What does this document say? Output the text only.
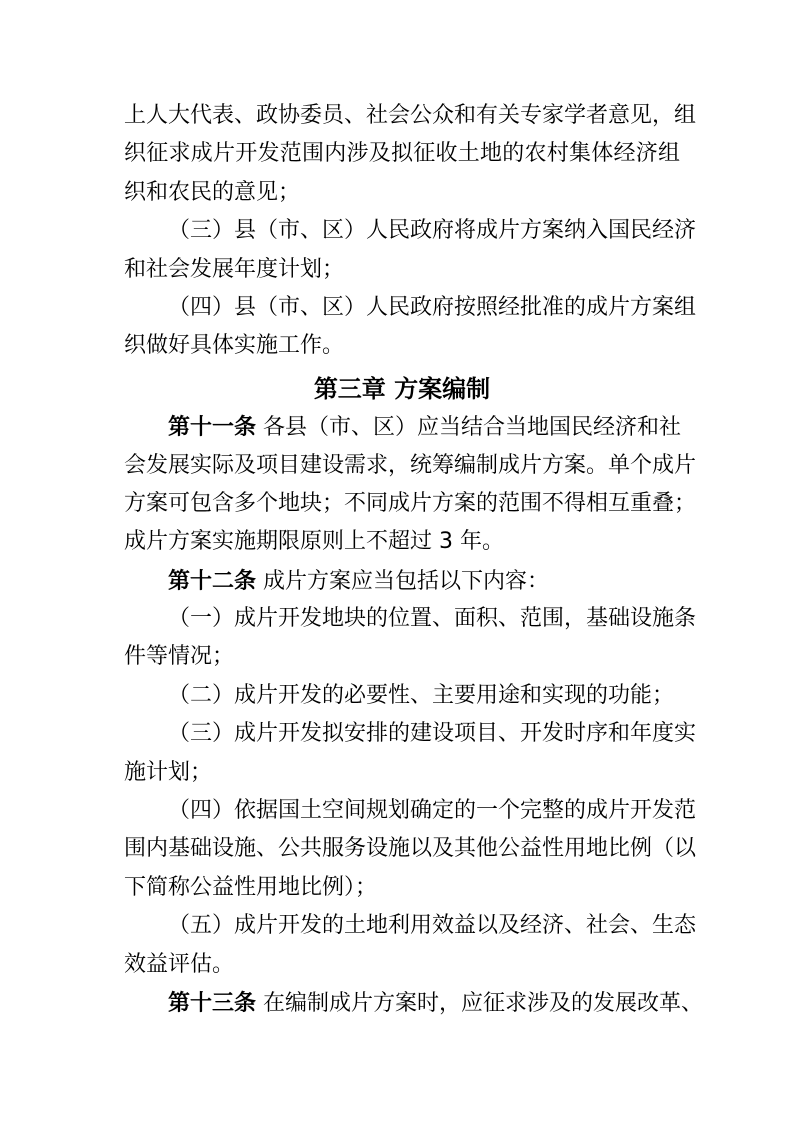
上人大代表、政协委员、社会公众和有关专家学者意见，组
织征求成片开发范围内涉及拟征收土地的农村集体经济组
织和农民的意见；
（三）县（市、区）人民政府将成片方案纳入国民经济
和社会发展年度计划；
（四）县（市、区）人民政府按照经批准的成片方案组
织做好具体实施工作。
第三章 方案编制
第十一条 各县（市、区）应当结合当地国民经济和社
会发展实际及项目建设需求，统筹编制成片方案。单个成片
方案可包含多个地块；不同成片方案的范围不得相互重叠；
成片方案实施期限原则上不超过 3 年。
第十二条 成片方案应当包括以下内容：
（一）成片开发地块的位置、面积、范围，基础设施条
件等情况；
（二）成片开发的必要性、主要用途和实现的功能；
（三）成片开发拟安排的建设项目、开发时序和年度实
施计划；
（四）依据国土空间规划确定的一个完整的成片开发范
围内基础设施、公共服务设施以及其他公益性用地比例（以
下简称公益性用地比例）；
（五）成片开发的土地利用效益以及经济、社会、生态
效益评估。
第十三条 在编制成片方案时，应征求涉及的发展改革、
